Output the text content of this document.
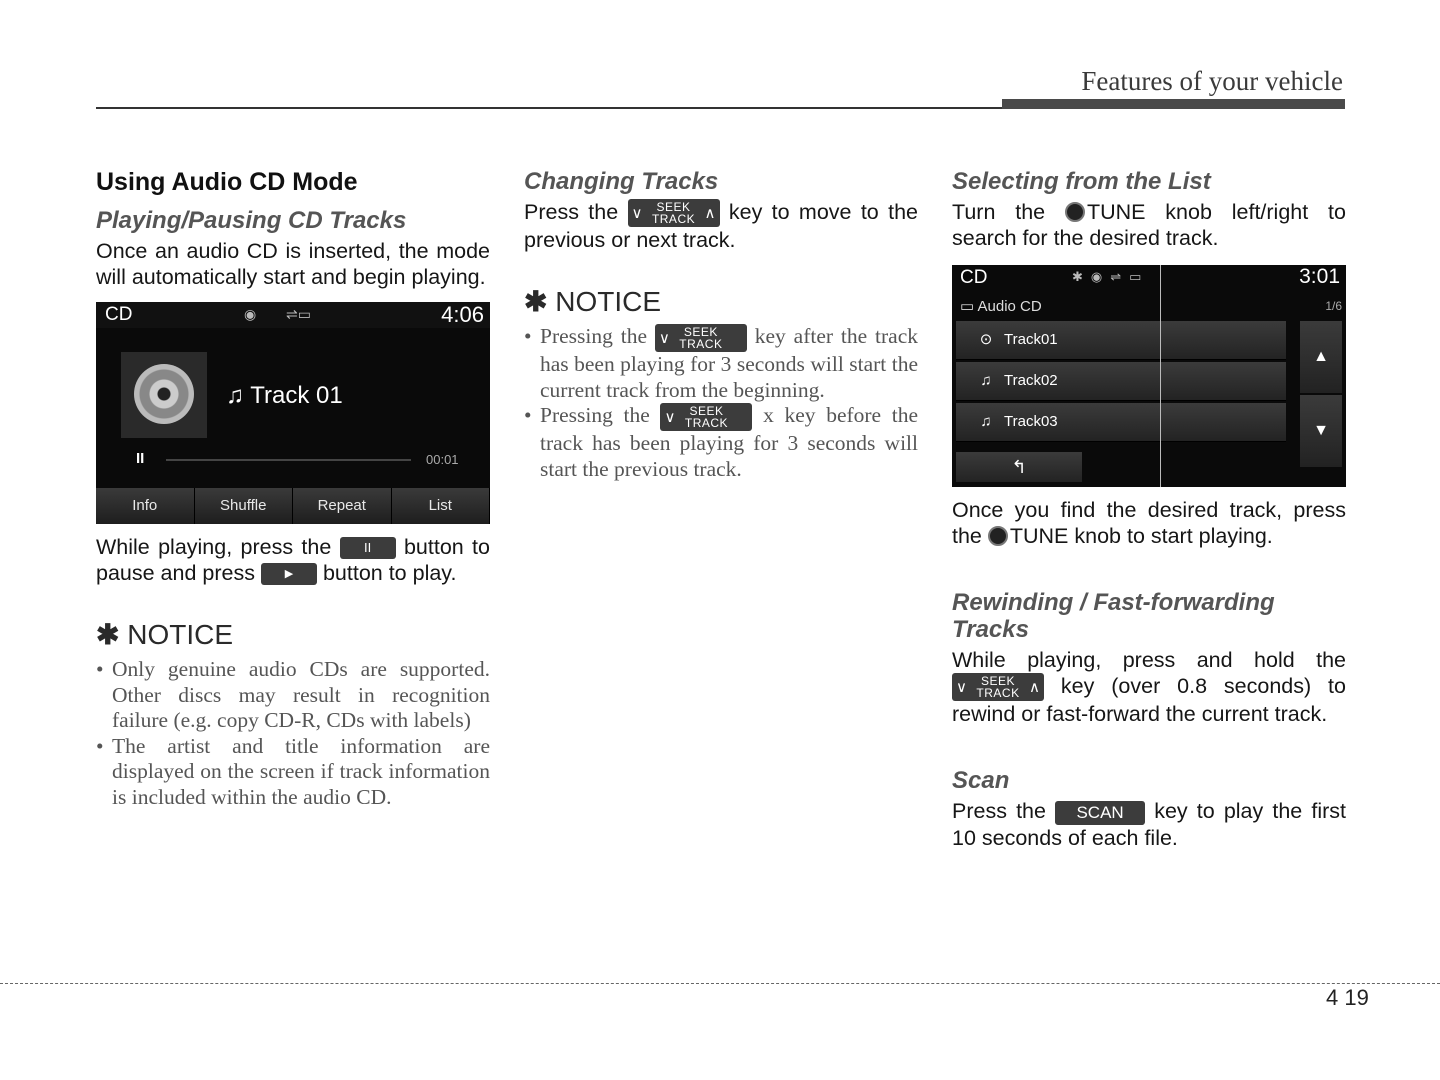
Features of your vehicle
Using Audio CD Mode
Playing/Pausing CD Tracks

Once an audio CD is inserted, the mode will automatically start and begin playing.

CD	◉ ⇌▭	4:06
♫ Track 01
II	00:01
Info	Shuffle	Repeat	List

While playing, press the	II button to pause and press	▶ button to play.

✱ NOTICE
• Only genuine audio CDs are supported. Other discs may result in recognition failure (e.g. copy CD-R, CDs with labels)
• The artist and title information are displayed on the screen if track information is included within the audio CD.
Changing Tracks

Press the ∨	SEEK
TRACK ∧ key to move to the previous or next track.

✱ NOTICE
• Pressing the ∨	SEEK
TRACK	key after the track has been playing for 3 seconds will start the current track from the beginning.
• Pressing the ∨	SEEK
TRACK	x key before the track has been playing for 3 seconds will start the previous track.
Selecting from the List

Turn the TUNE knob left/right to search for the desired track.

CD	✱◉⇌▭	3:01
▭ Audio CD	1/6
⊙ Track01
♫ Track02
♫ Track03
▲
▼
↰

Once you find the desired track, press the TUNE knob to start playing.

Rewinding / Fast-forwarding Tracks

While playing, press and hold the
∨	SEEK
TRACK ∧ key (over 0.8 seconds) to rewind or fast-forward the current track.

Scan

Press the SCAN key to play the first 10 seconds of each file.

4 19
